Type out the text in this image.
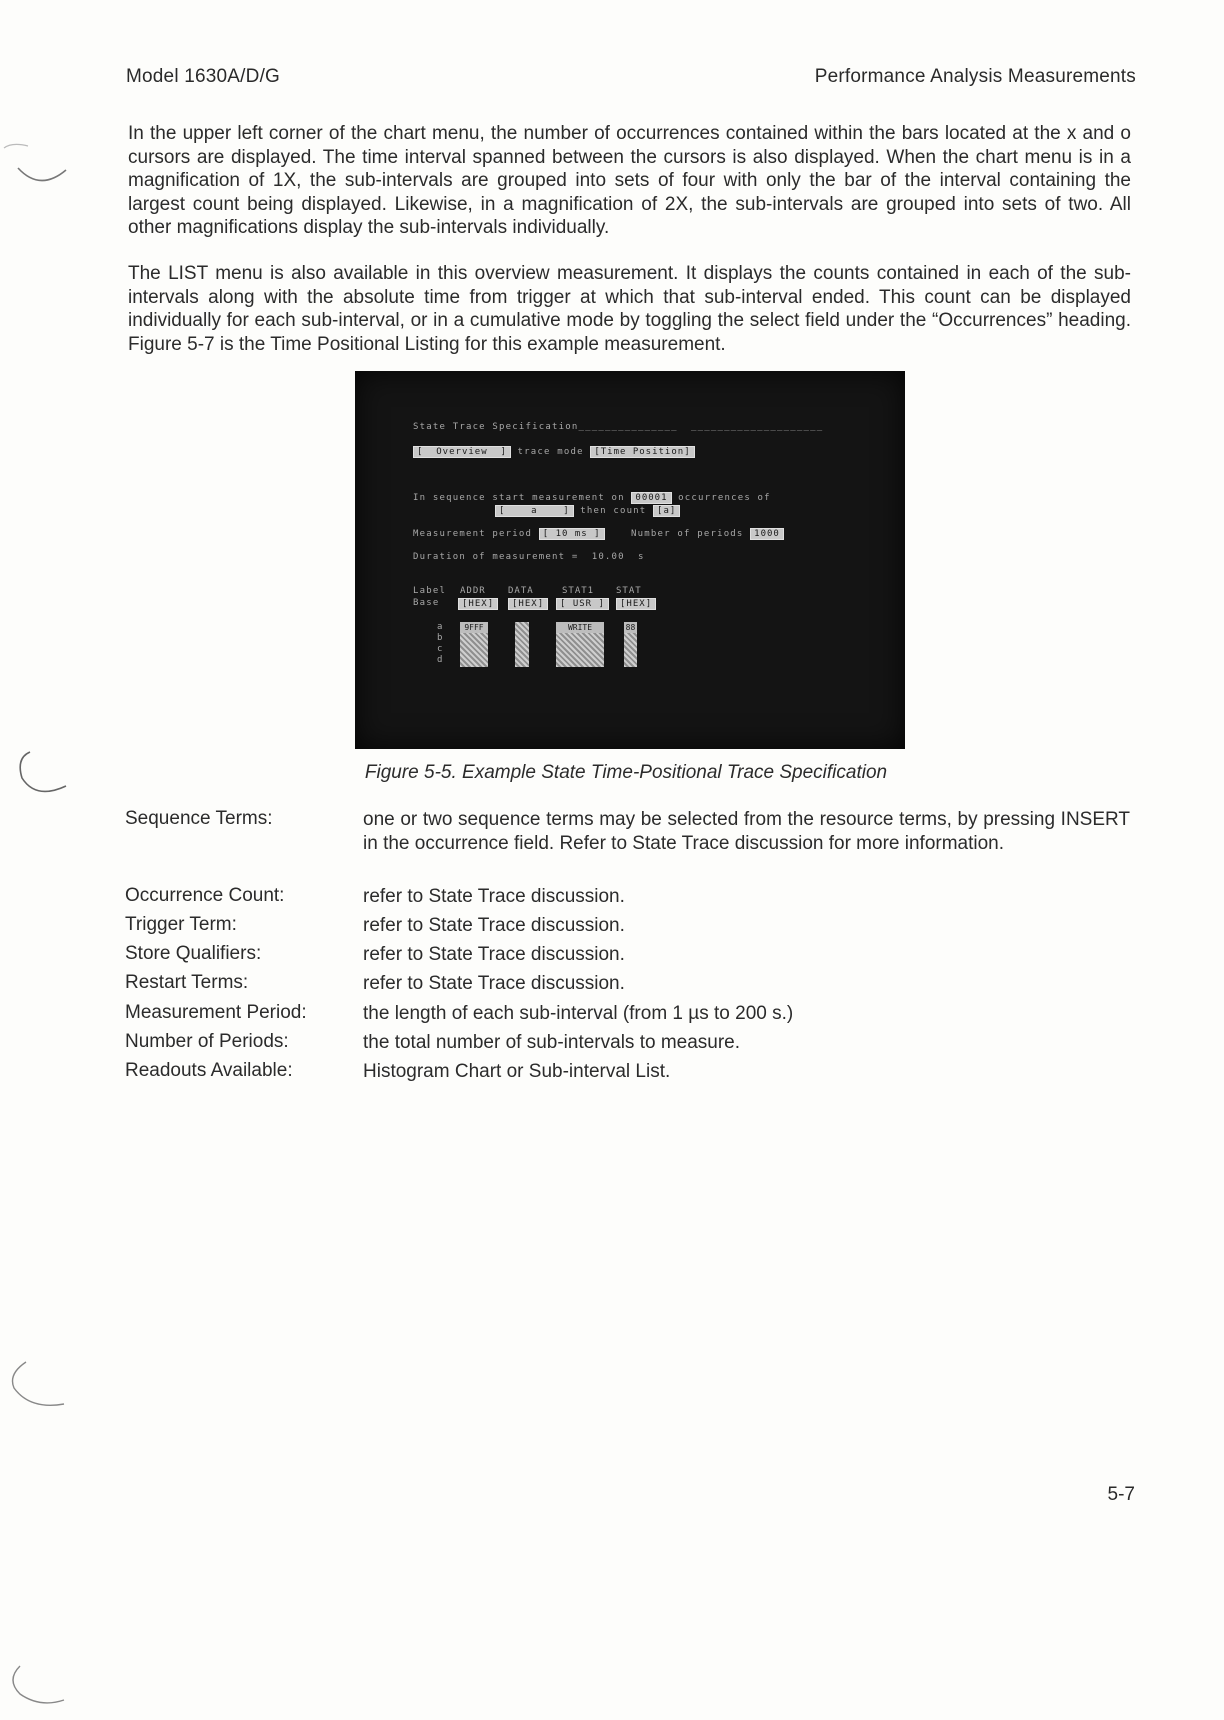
Model 1630A/D/G	Performance Analysis Measurements

In the upper left corner of the chart menu, the number of occurrences contained within the bars located at the x and o cursors are displayed. The time interval spanned between the cursors is also displayed. When the chart menu is in a magnification of 1X, the sub-intervals are grouped into sets of four with only the bar of the interval containing the largest count being displayed. Likewise, in a magnification of 2X, the sub-intervals are grouped into sets of two. All other magnifications display the sub-intervals individually.

The LIST menu is also available in this overview measurement. It displays the counts contained in each of the sub-intervals along with the absolute time from trigger at which that sub-interval ended. This count can be displayed individually for each sub-interval, or in a cumulative mode by toggling the select field under the “Occurrences” heading. Figure 5-7 is the Time Positional Listing for this example measurement.

State Trace Specification_______________  ____________________
[  Overview  ] trace mode [Time Position]
In sequence start measurement on 00001 occurrences of
[    a    ] then count [a]
Measurement period [ 10 ms ]	Number of periods 1000
Duration of measurement =  10.00  s
Label
Base
ADDR DATA	STAT1 STAT
[HEX]	[HEX]	[ USR ]	[HEX]
a
b
c
d
9FFF	WRITE	88
Figure 5-5. Example State Time-Positional Trace Specification
Sequence Terms:	one or two sequence terms may be selected from the resource terms, by pressing INSERT in the occurrence field. Refer to State Trace discussion for more information.

Occurrence Count:	refer to State Trace discussion.

Trigger Term:	refer to State Trace discussion.

Store Qualifiers:	refer to State Trace discussion.

Restart Terms:	refer to State Trace discussion.

Measurement Period:	the length of each sub-interval (from 1 µs to 200 s.)

Number of Periods:	the total number of sub-intervals to measure.

Readouts Available:	Histogram Chart or Sub-interval List.

5-7
